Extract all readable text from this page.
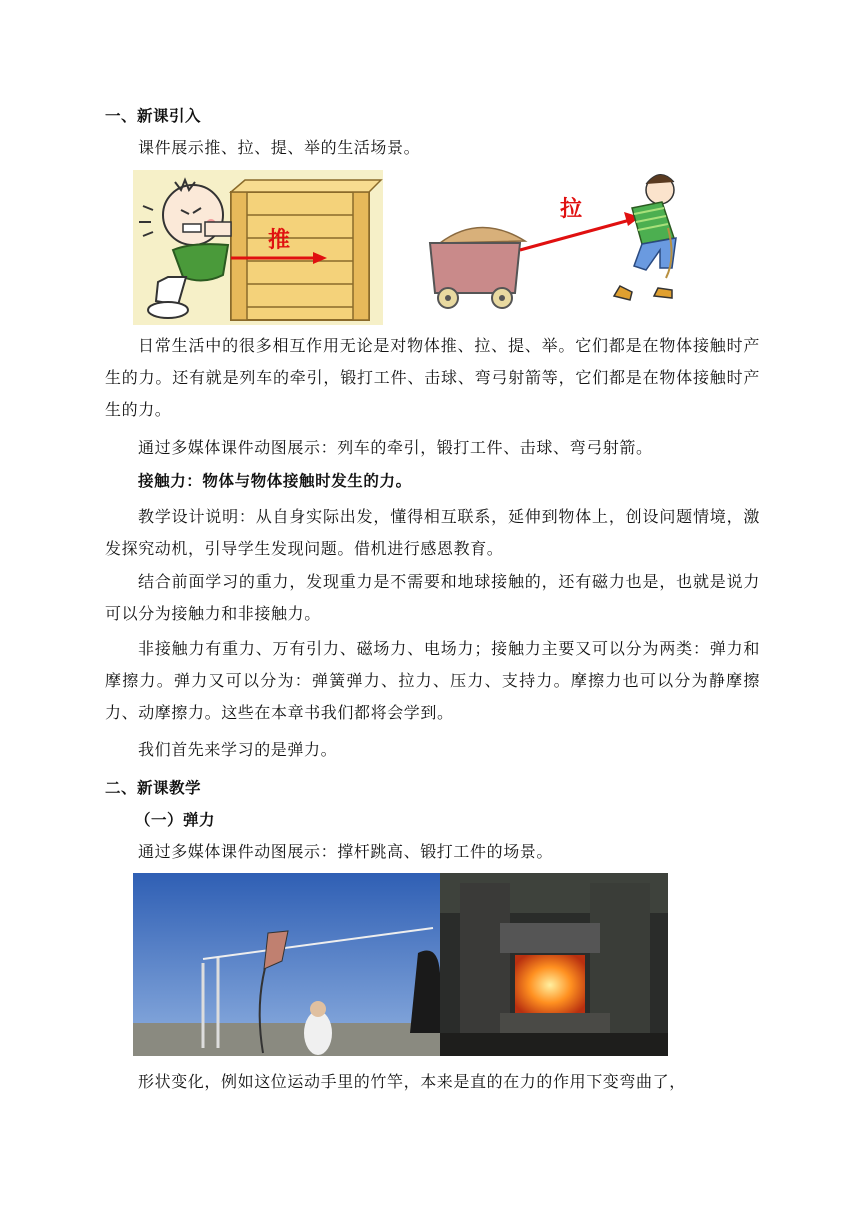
一、新课引入
课件展示推、拉、提、举的生活场景。
推
拉
日常生活中的很多相互作用无论是对物体推、拉、提、举。它们都是在物体接触时产生的力。还有就是列车的牵引，锻打工件、击球、弯弓射箭等，它们都是在物体接触时产生的力。
通过多媒体课件动图展示：列车的牵引，锻打工件、击球、弯弓射箭。
接触力：物体与物体接触时发生的力。
教学设计说明：从自身实际出发，懂得相互联系，延伸到物体上，创设问题情境，激发探究动机，引导学生发现问题。借机进行感恩教育。
结合前面学习的重力，发现重力是不需要和地球接触的，还有磁力也是，也就是说力可以分为接触力和非接触力。
非接触力有重力、万有引力、磁场力、电场力；接触力主要又可以分为两类：弹力和摩擦力。弹力又可以分为：弹簧弹力、拉力、压力、支持力。摩擦力也可以分为静摩擦力、动摩擦力。这些在本章书我们都将会学到。
我们首先来学习的是弹力。
二、新课教学
（一）弹力
通过多媒体课件动图展示：撑杆跳高、锻打工件的场景。
形状变化，例如这位运动手里的竹竿，本来是直的在力的作用下变弯曲了，
